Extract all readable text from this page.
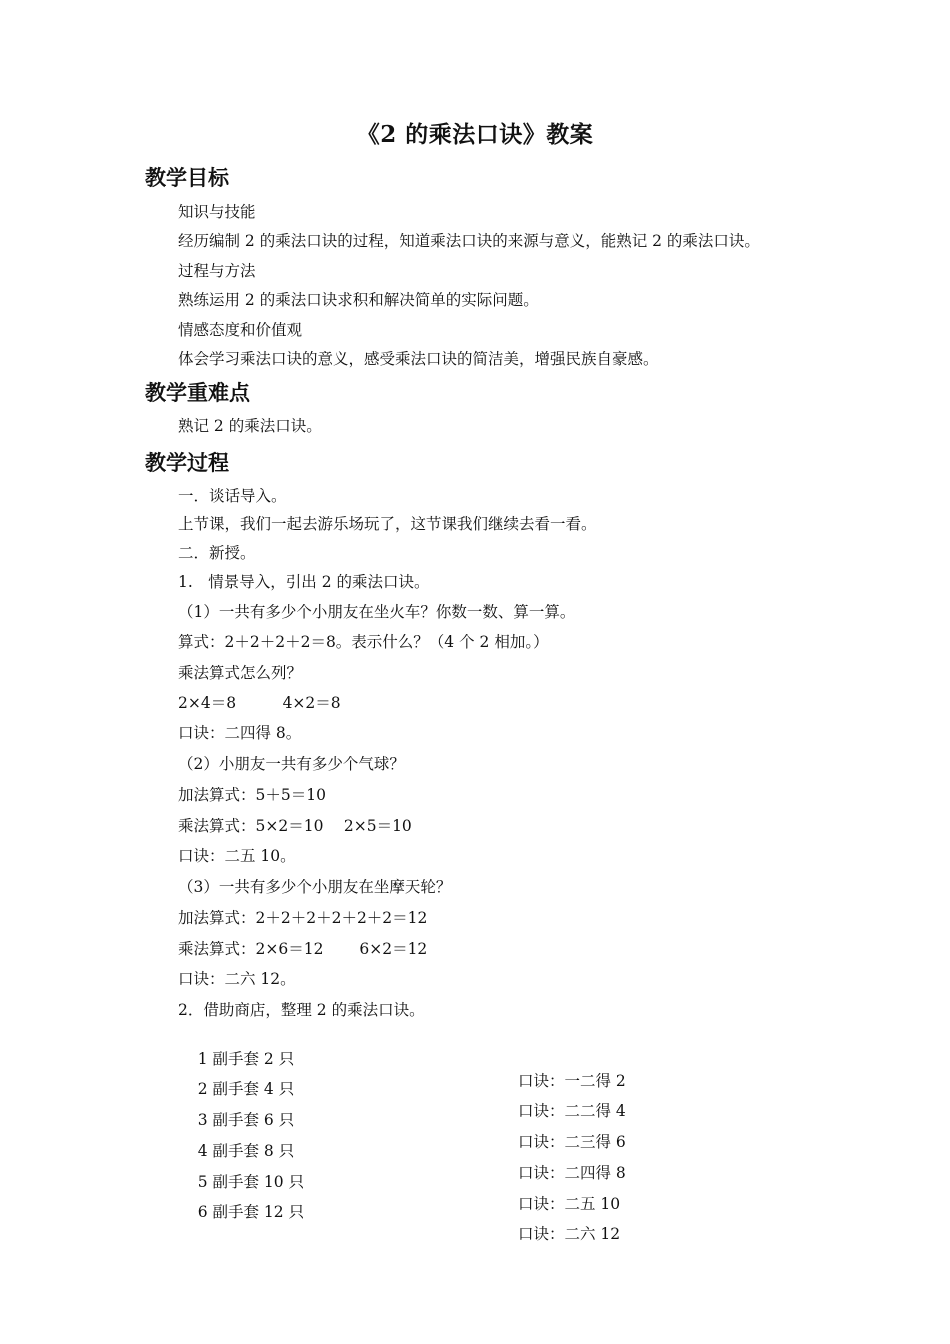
《2 的乘法口诀》教案
教学目标
知识与技能
经历编制 2 的乘法口诀的过程，知道乘法口诀的来源与意义，能熟记 2 的乘法口诀。
过程与方法
熟练运用 2 的乘法口诀求积和解决简单的实际问题。
情感态度和价值观
体会学习乘法口诀的意义，感受乘法口诀的简洁美，增强民族自豪感。
教学重难点
熟记 2 的乘法口诀。
教学过程
一．谈话导入。
上节课，我们一起去游乐场玩了，这节课我们继续去看一看。
二．新授。
1.　情景导入，引出 2 的乘法口诀。
（1）一共有多少个小朋友在坐火车？你数一数、算一算。
算式：2＋2＋2＋2＝8。表示什么？（4 个 2 相加。）
乘法算式怎么列？
2×4＝8　　　4×2＝8
口诀：二四得 8。
（2）小朋友一共有多少个气球？
加法算式：5＋5＝10
乘法算式：5×2＝10　 2×5＝10
口诀：二五 10。
（3）一共有多少个小朋友在坐摩天轮？
加法算式：2＋2＋2＋2＋2＋2＝12
乘法算式：2×6＝12　　 6×2＝12
口诀：二六 12。
2．借助商店，整理 2 的乘法口诀。

1 副手套 2 只

口诀：一二得 2

2 副手套 4 只

口诀：二二得 4

3 副手套 6 只

口诀：二三得 6

4 副手套 8 只

口诀：二四得 8

5 副手套 10 只

口诀：二五 10

6 副手套 12 只

口诀：二六 12
